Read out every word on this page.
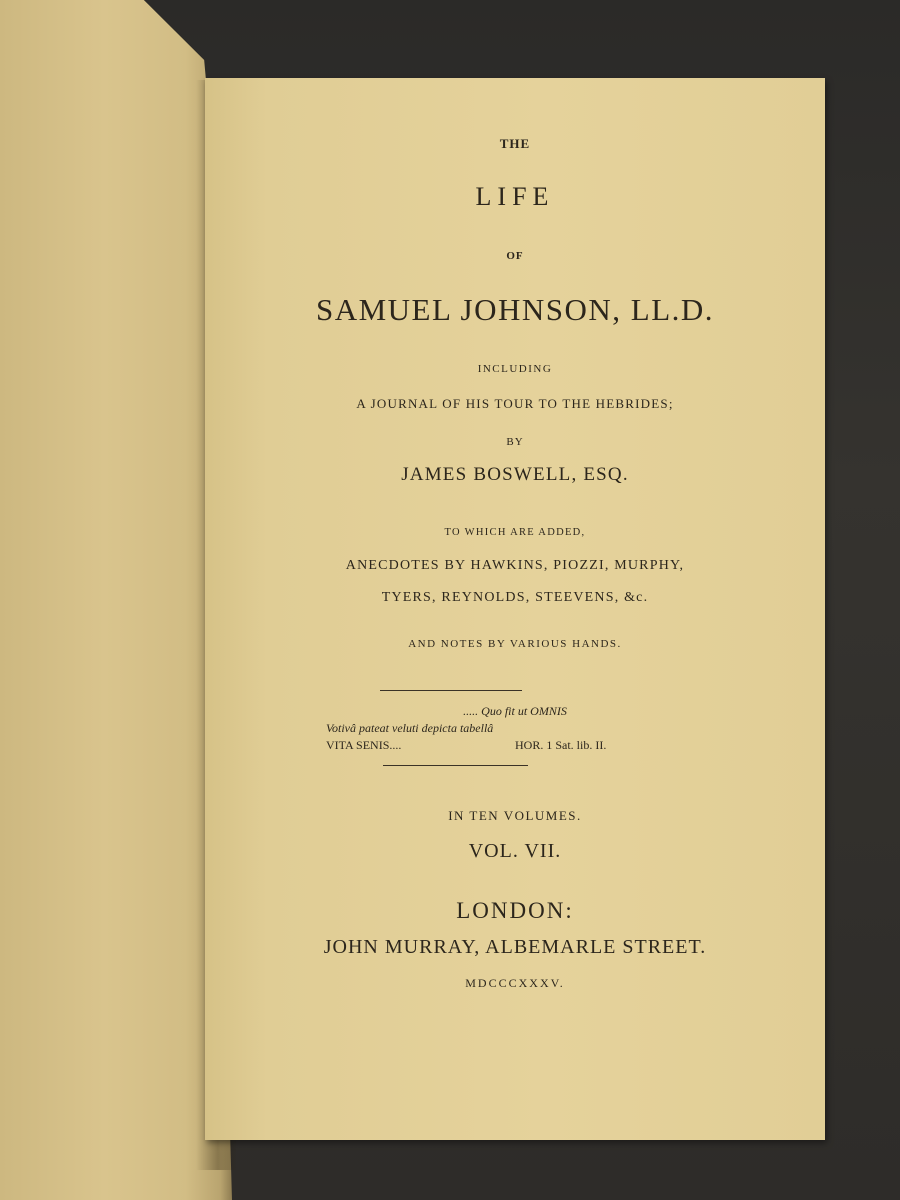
THE

LIFE

OF

SAMUEL JOHNSON, LL.D.

INCLUDING

A JOURNAL OF HIS TOUR TO THE HEBRIDES;

BY

JAMES BOSWELL, ESQ.

TO WHICH ARE ADDED,

ANECDOTES BY HAWKINS, PIOZZI, MURPHY,

TYERS, REYNOLDS, STEEVENS, &c.

AND NOTES BY VARIOUS HANDS.

..... Quo fit ut OMNIS

Votivâ pateat veluti depicta tabellâ

VITA SENIS....	HOR. 1 Sat. lib. II.

IN TEN VOLUMES.

VOL. VII.

LONDON:

JOHN MURRAY, ALBEMARLE STREET.

MDCCCXXXV.
